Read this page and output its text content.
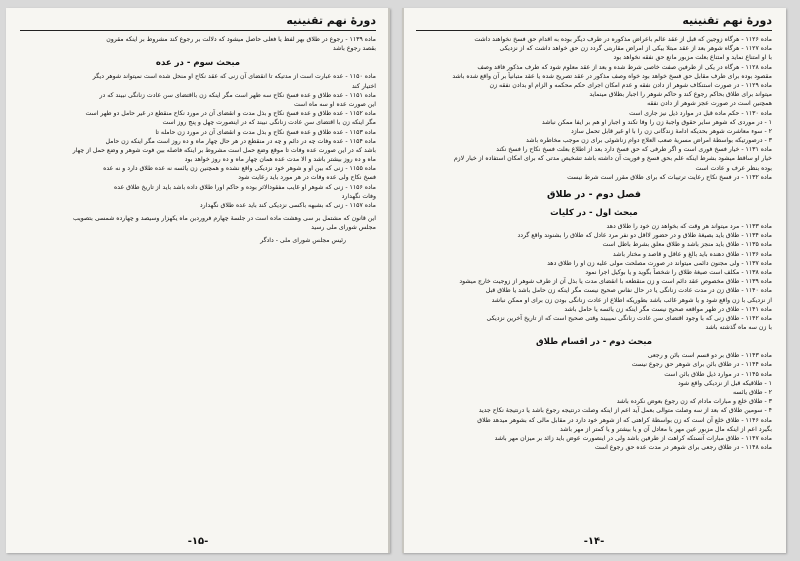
دورهٔ نهم تقنینیه
ماده ۱۱۳۹ - رجوع در طلاق بهر لفظ یا فعلی حاصل میشود که دلالت بر رجوع کند مشروط بر اینکه مقرون
بقصد رجوع باشد
مبحث سوم - در عده
ماده ۱۱۵۰ - عده عبارت است از مدتیکه تا انقضای آن زنی که عقد نکاح او منحل شده است نمیتواند شوهر دیگر
اختیار کند
ماده ۱۱۵۱ - عده طلاق و عده فسخ نکاح سه طهر است مگر اینکه زن بااقتضای سن عادت زنانگی نبیند که در
این صورت عده او سه ماه است
ماده ۱۱۵۲ - عده طلاق و عده فسخ نکاح و بذل مدت و انقضای آن در مورد نکاح منقطع در غیر حامل دو طهر است
مگر اینکه زن با اقتضای سن عادت زنانگی نبیند که در اینصورت چهل و پنج روز است
ماده ۱۱۵۳ - عده طلاق و عده فسخ نکاح و بذل مدت و انقضای آن در مورد زن حامله تا
ماده ۱۱۵۴ - عده وفات چه در دائم و چه در منقطع در هر حال چهار ماه و ده روز است مگر اینکه زن حامل
باشد که در این صورت عده وفات تا موقع وضع حمل است مشروط بر اینکه فاصله بین فوت شوهر و وضع حمل از چهار
ماه و ده روز بیشتر باشد و الا مدت عده همان چهار ماه و ده روز خواهد بود
ماده ۱۱۵۵ - زنی که بین او و شوهر خود نزدیکی واقع نشده و همچنین زن یائسه نه عده طلاق دارد و نه عده
فسخ نکاح ولی عده وفات در هر مورد باید رعایت شود
ماده ۱۱۵۶ - زنی که شوهر او غایب مفقودالاثر بوده و حاکم اورا طلاق داده باشد باید از تاریخ طلاق عده
وفات نگهدارد
ماده ۱۱۵۷ - زنی که بشبهه باکسی نزدیکی کند باید عده طلاق نگهدارد
این قانون که مشتمل بر سی وهشت ماده است در جلسهٔ چهارم فروردین ماه یکهزار وسیصد و چهارده شمسی بتصویب
مجلس شورای ملی رسید
رئیس مجلس شورای ملی - دادگر
-۱۵-
دورهٔ نهم تقنینیه
ماده ۱۱۲۶ - هرگاه زوجین که قبل از عقد عالم باعراض مذکوره در طرف دیگر بوده به اقدام حق فسخ نخواهند داشت
ماده ۱۱۲۷ - هرگاه شوهر بعد از عقد مبتلا بیکی از امراض مقاربتی گردد زن حق خواهد داشت که از نزدیکی
با او امتناع نماید و امتناع بعلت مزبور مانع حق نفقه نخواهد بود
ماده ۱۱۲۸ - هرگاه در یکی از طرفین صفت خاصی شرط شده و بعد از عقد معلوم شود که طرف مذکور فاقد وصف
مقصود بوده برای طرف مقابل حق فسخ خواهد بود خواه وصف مذکور در عقد تصریح شده یا عقد متبانیاً بر آن واقع شده باشد
ماده ۱۱۲۹ - در صورت استنکاف شوهر از دادن نفقه و عدم امکان اجرای حکم محکمه و الزام او بدادن نفقه زن
میتواند برای طلاق بحاکم رجوع کند و حاکم شوهر را اجبار بطلاق مینماید
همچنین است در صورت عجز شوهر از دادن نفقه
ماده ۱۱۳۰ - حکم ماده قبل در موارد ذیل نیز جاری است
۱ - در موردی که شوهر سایر حقوق واجبهٔ زن را وفا نکند و اجبار او هم بر ایفا ممکن نباشد
۲ - سوء معاشرت شوهر بحدیکه ادامهٔ زندگانی زن را با او غیر قابل تحمل سازد
۳ - درصورتیکه بواسطهٔ امراض مسریهٔ صعب العلاج دوام زناشوئی برای زن موجب مخاطره باشد
ماده ۱۱۳۱ - خیار فسخ فوری است و اگر طرفی که حق فسخ دارد بعد از اطلاع بعلت فسخ نکاح را فسخ نکند
خیار او ساقط میشود بشرط اینکه علم بحق فسخ و فوریت آن داشته باشد تشخیص مدتی که برای امکان استفاده از خیار لازم
بوده بنظر عرف و عادت است
ماده ۱۱۳۲ - در فسخ نکاح رعایت ترتیبات که برای طلاق مقرر است شرط نیست
فصل دوم - در طلاق
مبحث اول - در کلیات
ماده ۱۱۳۳ - مرد میتواند هر وقت که بخواهد زن خود را طلاق دهد
ماده ۱۱۳۴ - طلاق باید بصیغهٔ طلاق و در حضور لااقل دو نفر مرد عادل که طلاق را بشنوند واقع گردد
ماده ۱۱۳۵ - طلاق باید منجز باشد و طلاق معلق بشرط باطل است
ماده ۱۱۳۶ - طلاق دهنده باید بالغ و عاقل و قاصد و مختار باشد
ماده ۱۱۳۷ - ولی مجنون دائمی میتواند در صورت مصلحت مولی علیه زن او را طلاق دهد
ماده ۱۱۳۸ - مکلف است صیغهٔ طلاق را شخصاً بگوید و یا بوکیل اجرا نمود
ماده ۱۱۳۹ - طلاق مخصوص عقد دائم است و زن منقطعه با انقضای مدت یا بذل آن از طرف شوهر از زوجیت خارج میشود
ماده ۱۱۴۰ - طلاق زن در مدت عادت زنانگی یا در حال نفاس صحیح نیست مگر اینکه زن حامل باشد یا طلاق قبل
از نزدیکی با زن واقع شود و یا شوهر غائب باشد بطوریکه اطلاع از عادت زنانگی بودن زن برای او ممکن نباشد
ماده ۱۱۴۱ - طلاق در طهر مواقعه صحیح نیست مگر اینکه زن یائسه یا حامل باشد
ماده ۱۱۴۲ - طلاق زنی که با وجود اقتضای سن عادت زنانگی نمیبیند وقتی صحیح است که از تاریخ آخرین نزدیکی
با زن سه ماه گذشته باشد
مبحث دوم - در اقسام طلاق
ماده ۱۱۴۳ - طلاق بر دو قسم است بائن و رجعی
ماده ۱۱۴۴ - در طلاق بائن برای شوهر حق رجوع نیست
ماده ۱۱۴۵ - در موارد ذیل طلاق بائن است
۱ - طلاقیکه قبل از نزدیکی واقع شود
۲ - طلاق یائسه
۳ - طلاق خلع و مبارات مادام که زن رجوع بعوض نکرده باشد
۴ - سومین طلاق که بعد از سه وصلت متوالی بعمل آید اعم از اینکه وصلت درنتیجه رجوع باشد یا درنتیجهٔ نکاح جدید
ماده ۱۱۴۶ - طلاق خلع آن است که زن بواسطهٔ کراهتی که از شوهر خود دارد در مقابل مالی که بشوهر میدهد طلاق
بگیرد اعم از اینکه مال مزبور عین مهر یا معادل آن و یا بیشتر و یا کمتر از مهر باشد
ماده ۱۱۴۷ - طلاق مبارات آنستکه کراهت از طرفین باشد ولی در اینصورت عوض باید زائد بر میزان مهر باشد
ماده ۱۱۴۸ - در طلاق رجعی برای شوهر در مدت عده حق رجوع است
-۱۴-
